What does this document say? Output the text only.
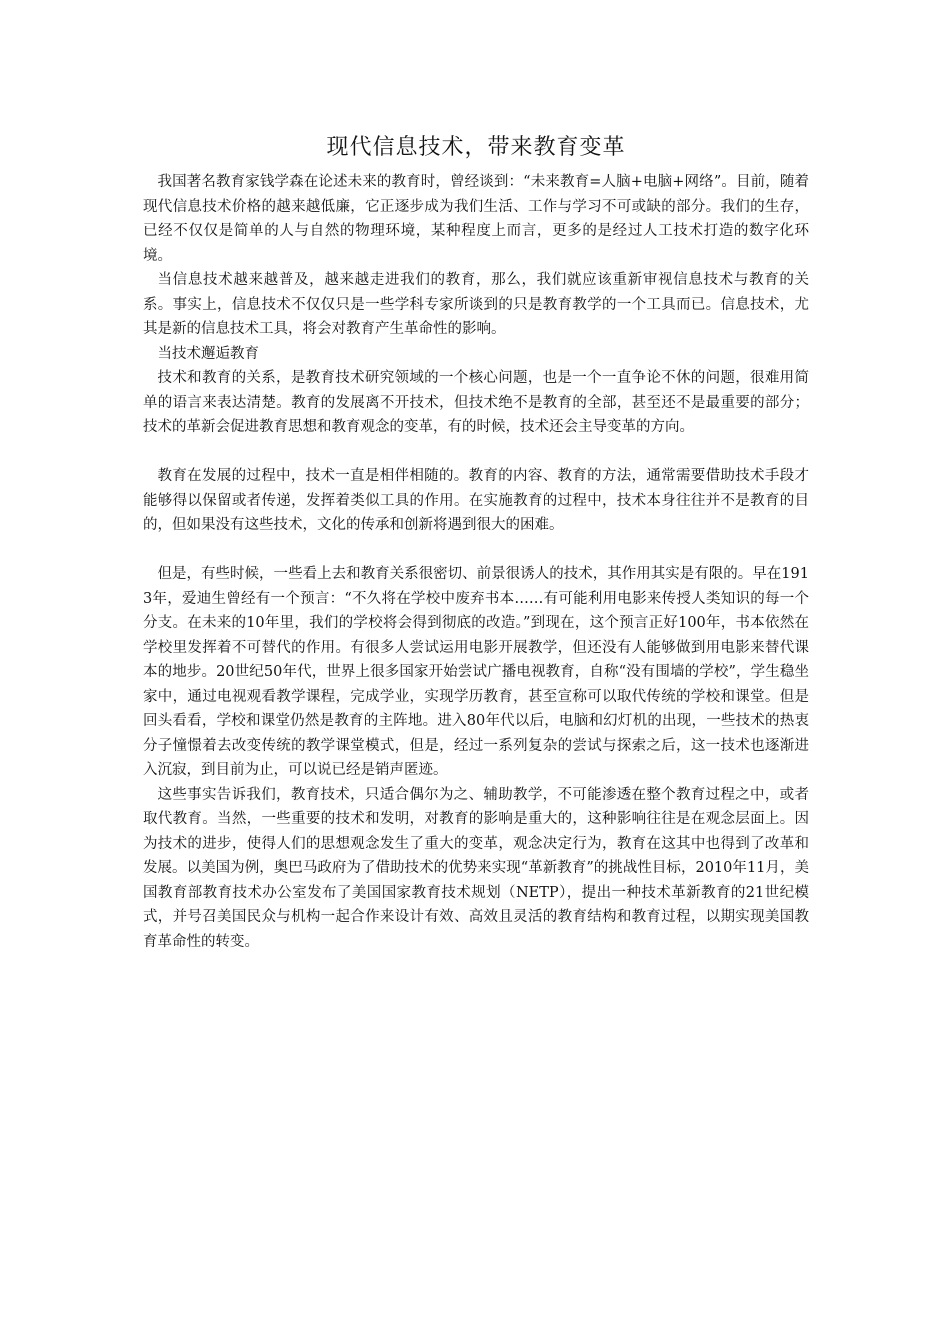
现代信息技术，带来教育变革

我国著名教育家钱学森在论述未来的教育时，曾经谈到：“未来教育=人脑+电脑+网络”。目前，随着现代信息技术价格的越来越低廉，它正逐步成为我们生活、工作与学习不可或缺的部分。我们的生存，已经不仅仅是简单的人与自然的物理环境，某种程度上而言，更多的是经过人工技术打造的数字化环境。

当信息技术越来越普及，越来越走进我们的教育，那么，我们就应该重新审视信息技术与教育的关系。事实上，信息技术不仅仅只是一些学科专家所谈到的只是教育教学的一个工具而已。信息技术，尤其是新的信息技术工具，将会对教育产生革命性的影响。

当技术邂逅教育

技术和教育的关系，是教育技术研究领域的一个核心问题，也是一个一直争论不休的问题，很难用简单的语言来表达清楚。教育的发展离不开技术，但技术绝不是教育的全部，甚至还不是最重要的部分；技术的革新会促进教育思想和教育观念的变革，有的时候，技术还会主导变革的方向。

教育在发展的过程中，技术一直是相伴相随的。教育的内容、教育的方法，通常需要借助技术手段才能够得以保留或者传递，发挥着类似工具的作用。在实施教育的过程中，技术本身往往并不是教育的目的，但如果没有这些技术，文化的传承和创新将遇到很大的困难。

但是，有些时候，一些看上去和教育关系很密切、前景很诱人的技术，其作用其实是有限的。早在1913年，爱迪生曾经有一个预言：“不久将在学校中废弃书本……有可能利用电影来传授人类知识的每一个分支。在未来的10年里，我们的学校将会得到彻底的改造。”到现在，这个预言正好100年，书本依然在学校里发挥着不可替代的作用。有很多人尝试运用电影开展教学，但还没有人能够做到用电影来替代课本的地步。20世纪50年代，世界上很多国家开始尝试广播电视教育，自称“没有围墙的学校”，学生稳坐家中，通过电视观看教学课程，完成学业，实现学历教育，甚至宣称可以取代传统的学校和课堂。但是回头看看，学校和课堂仍然是教育的主阵地。进入80年代以后，电脑和幻灯机的出现，一些技术的热衷分子憧憬着去改变传统的教学课堂模式，但是，经过一系列复杂的尝试与探索之后，这一技术也逐渐进入沉寂，到目前为止，可以说已经是销声匿迹。

这些事实告诉我们，教育技术，只适合偶尔为之、辅助教学，不可能渗透在整个教育过程之中，或者取代教育。当然，一些重要的技术和发明，对教育的影响是重大的，这种影响往往是在观念层面上。因为技术的进步，使得人们的思想观念发生了重大的变革，观念决定行为，教育在这其中也得到了改革和发展。以美国为例，奥巴马政府为了借助技术的优势来实现“革新教育”的挑战性目标，2010年11月，美国教育部教育技术办公室发布了美国国家教育技术规划（NETP），提出一种技术革新教育的21世纪模式，并号召美国民众与机构一起合作来设计有效、高效且灵活的教育结构和教育过程，以期实现美国教育革命性的转变。
